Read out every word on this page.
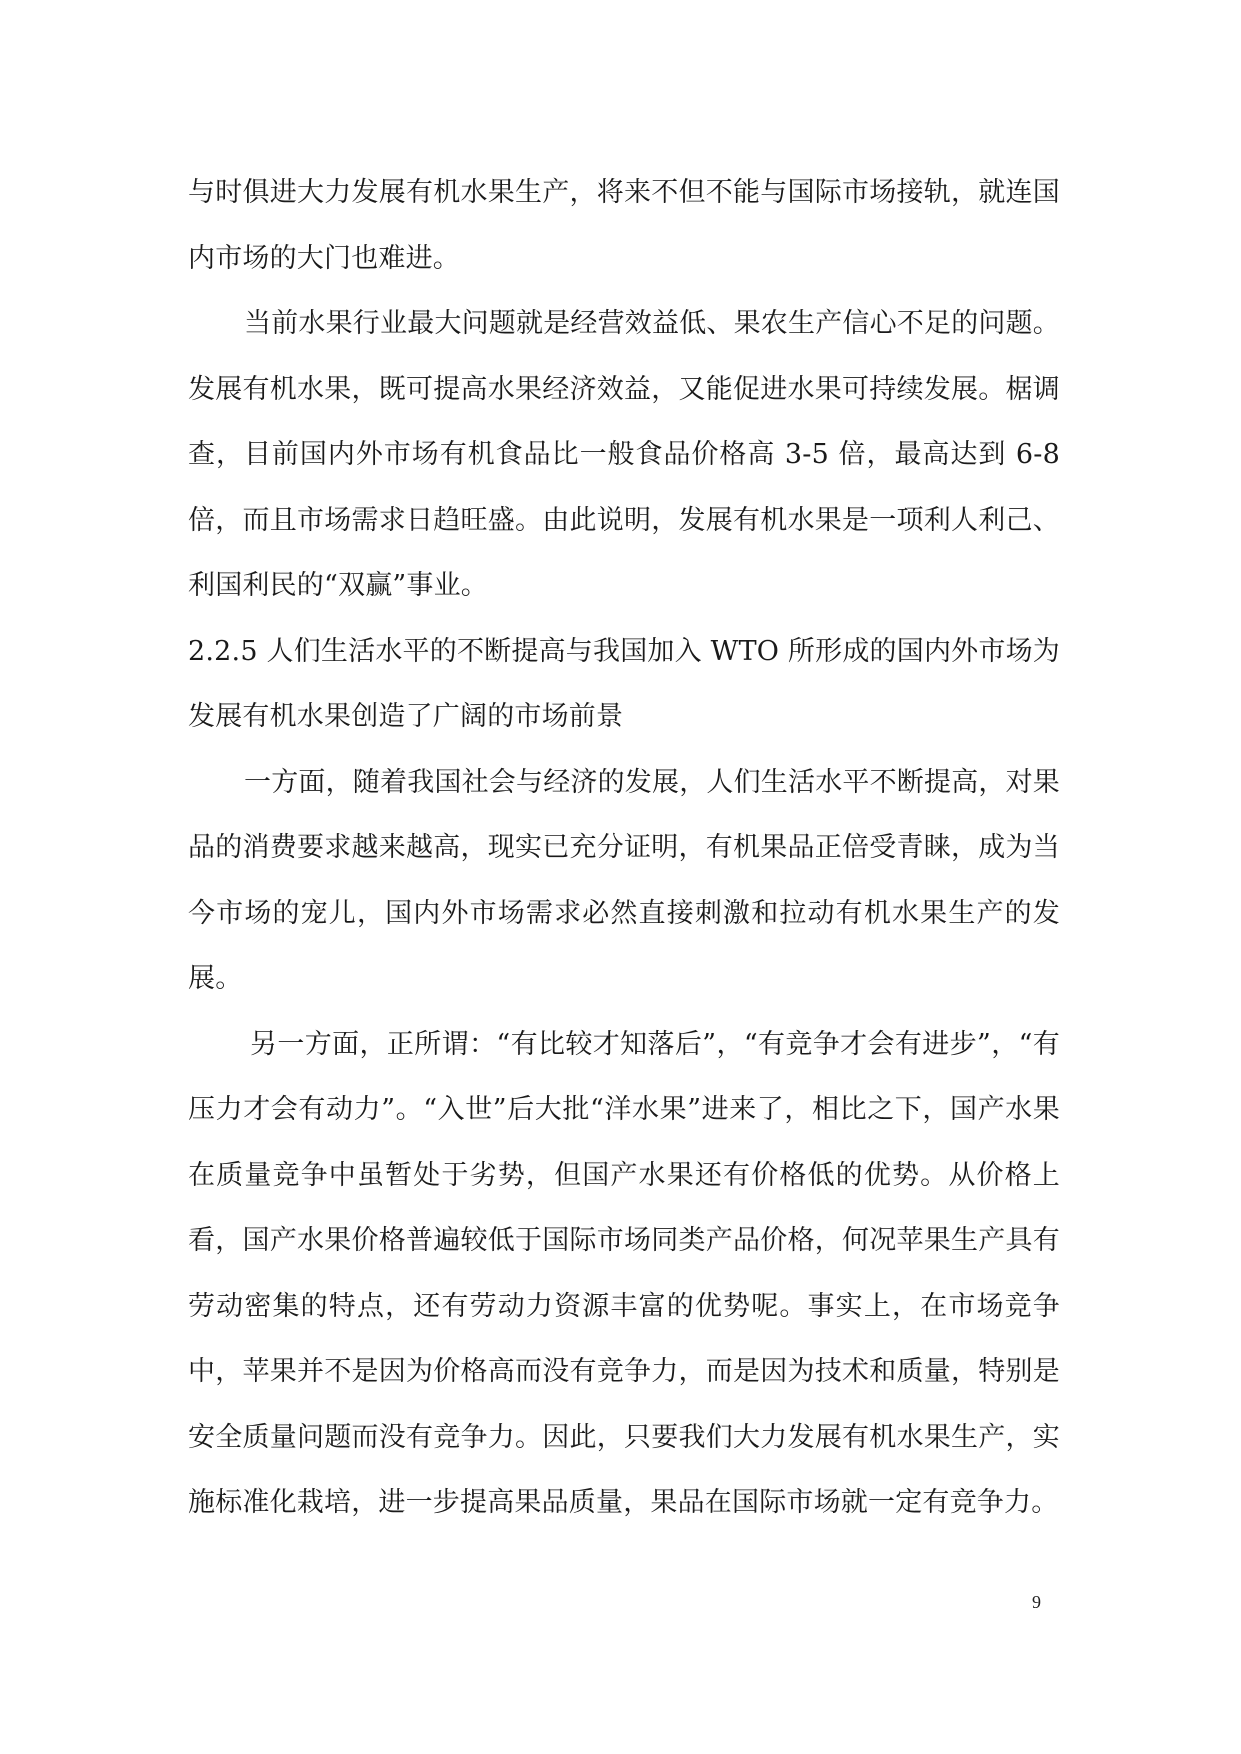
与时俱进大力发展有机水果生产，将来不但不能与国际市场接轨，就连国内市场的大门也难进。

当前水果行业最大问题就是经营效益低、果农生产信心不足的问题。发展有机水果，既可提高水果经济效益，又能促进水果可持续发展。椐调查，目前国内外市场有机食品比一般食品价格高 3-5 倍，最高达到 6-8 倍，而且市场需求日趋旺盛。由此说明，发展有机水果是一项利人利己、利国利民的“双赢”事业。

2.2.5 人们生活水平的不断提高与我国加入 WTO 所形成的国内外市场为发展有机水果创造了广阔的市场前景

一方面，随着我国社会与经济的发展，人们生活水平不断提高，对果品的消费要求越来越高，现实已充分证明，有机果品正倍受青睐，成为当今市场的宠儿，国内外市场需求必然直接刺激和拉动有机水果生产的发展。

另一方面，正所谓：“有比较才知落后”，“有竞争才会有进步”，“有压力才会有动力”。“入世”后大批“洋水果”进来了，相比之下，国产水果在质量竞争中虽暂处于劣势，但国产水果还有价格低的优势。从价格上看，国产水果价格普遍较低于国际市场同类产品价格，何况苹果生产具有劳动密集的特点，还有劳动力资源丰富的优势呢。事实上，在市场竞争中，苹果并不是因为价格高而没有竞争力，而是因为技术和质量，特别是安全质量问题而没有竞争力。因此，只要我们大力发展有机水果生产，实施标准化栽培，进一步提高果品质量，果品在国际市场就一定有竞争力。

9
